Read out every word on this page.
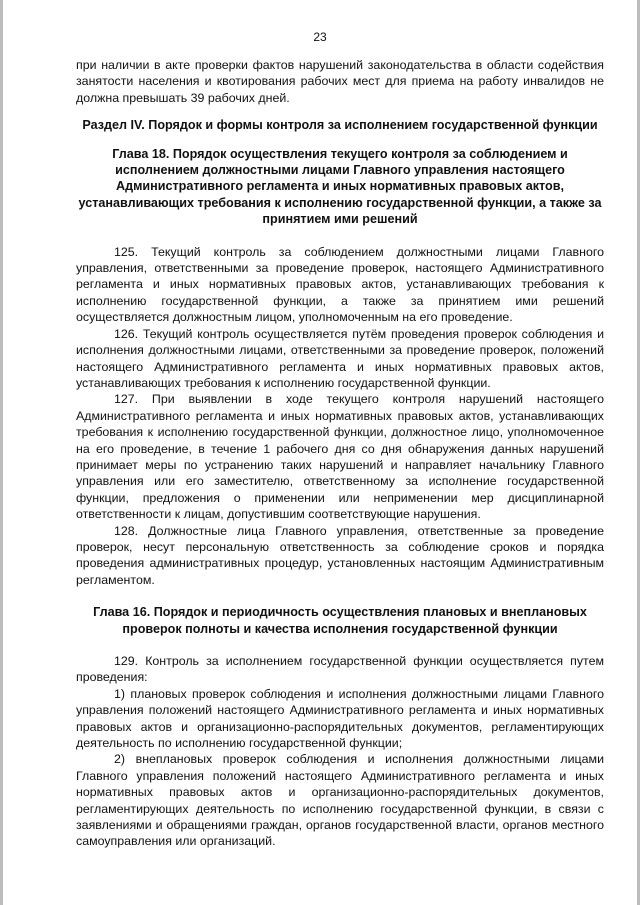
23

при наличии в акте проверки фактов нарушений законодательства в области содействия занятости населения и квотирования рабочих мест для приема на работу инвалидов не должна превышать 39 рабочих дней.

Раздел IV. Порядок и формы контроля за исполнением государственной функции
Глава 18. Порядок осуществления текущего контроля за соблюдением и исполнением должностными лицами Главного управления настоящего Административного регламента и иных нормативных правовых актов, устанавливающих требования к исполнению государственной функции, а также за принятием ими решений

125. Текущий контроль за соблюдением должностными лицами Главного управления, ответственными за проведение проверок, настоящего Административного регламента и иных нормативных правовых актов, устанавливающих требования к исполнению государственной функции, а также за принятием ими решений осуществляется должностным лицом, уполномоченным на его проведение.

126. Текущий контроль осуществляется путём проведения проверок соблюдения и исполнения должностными лицами, ответственными за проведение проверок, положений настоящего Административного регламента и иных нормативных правовых актов, устанавливающих требования к исполнению государственной функции.

127. При выявлении в ходе текущего контроля нарушений настоящего Административного регламента и иных нормативных правовых актов, устанавливающих требования к исполнению государственной функции, должностное лицо, уполномоченное на его проведение, в течение 1 рабочего дня со дня обнаружения данных нарушений принимает меры по устранению таких нарушений и направляет начальнику Главного управления или его заместителю, ответственному за исполнение государственной функции, предложения о применении или неприменении мер дисциплинарной ответственности к лицам, допустившим соответствующие нарушения.

128. Должностные лица Главного управления, ответственные за проведение проверок, несут персональную ответственность за соблюдение сроков и порядка проведения административных процедур, установленных настоящим Административным регламентом.

Глава 16. Порядок и периодичность осуществления плановых и внеплановых проверок полноты и качества исполнения государственной функции

129. Контроль за исполнением государственной функции осуществляется путем проведения:

1) плановых проверок соблюдения и исполнения должностными лицами Главного управления положений настоящего Административного регламента и иных нормативных правовых актов и организационно-распорядительных документов, регламентирующих деятельность по исполнению государственной функции;

2) внеплановых проверок соблюдения и исполнения должностными лицами Главного управления положений настоящего Административного регламента и иных нормативных правовых актов и организационно-распорядительных документов, регламентирующих деятельность по исполнению государственной функции, в связи с заявлениями и обращениями граждан, органов государственной власти, органов местного самоуправления или организаций.
